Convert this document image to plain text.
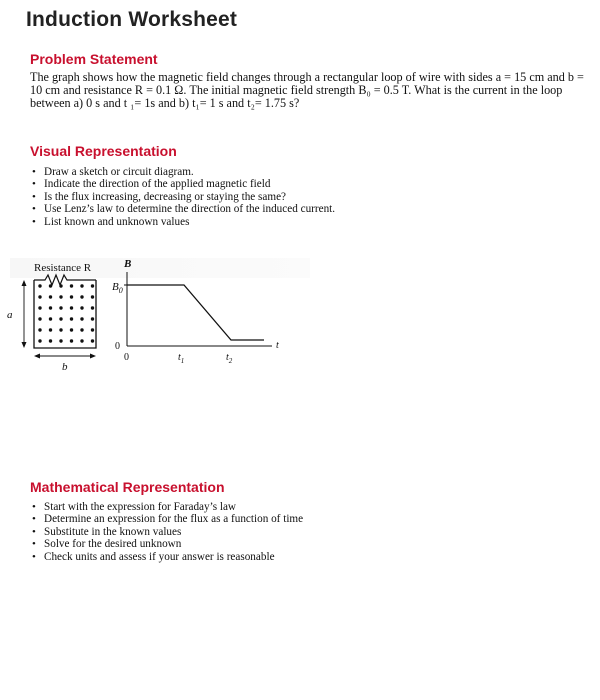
Induction Worksheet
Problem Statement
The graph shows how the magnetic field changes through a rectangular loop of wire with sides a = 15 cm and b = 10 cm and resistance R = 0.1 Ω. The initial magnetic field strength B₀ = 0.5 T. What is the current in the loop between a) 0 s and t ₁= 1s and b) t₁= 1 s and t₂= 1.75 s?
Visual Representation
• Draw a sketch or circuit diagram.
• Indicate the direction of the applied magnetic field
• Is the flux increasing, decreasing or staying the same?
• Use Lenz’s law to determine the direction of the induced current.
• List known and unknown values
Resistance R
a
b
B
t
$B_0$
0
0	$t_1$	$t_2$
Mathematical Representation
• Start with the expression for Faraday’s law
• Determine an expression for the flux as a function of time
• Substitute in the known values
• Solve for the desired unknown
• Check units and assess if your answer is reasonable
